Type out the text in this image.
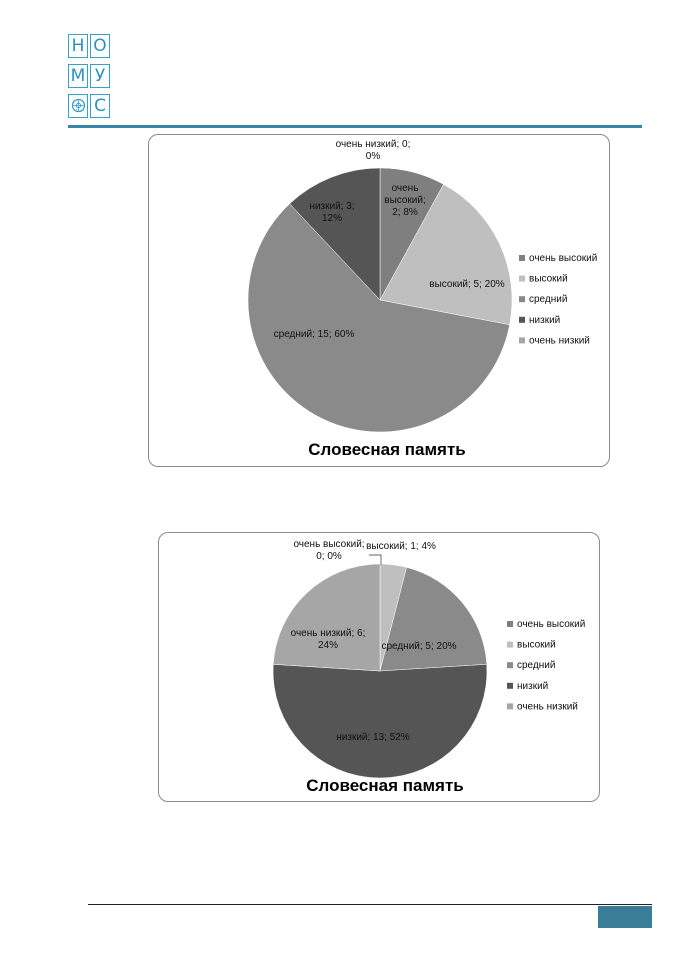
Н О
М У
С
очень высокий; 2; 8%
высокий; 5; 20%
средний; 15; 60%
низкий; 3; 12%
очень низкий; 0; 0%
очень высокий
высокий
средний
низкий
очень низкий
Словесная память
очень высокий; 0; 0%
высокий; 1; 4%
средний; 5; 20%
низкий; 13; 52%
очень низкий; 6; 24%
очень высокий
высокий
средний
низкий
очень низкий
Словесная память
